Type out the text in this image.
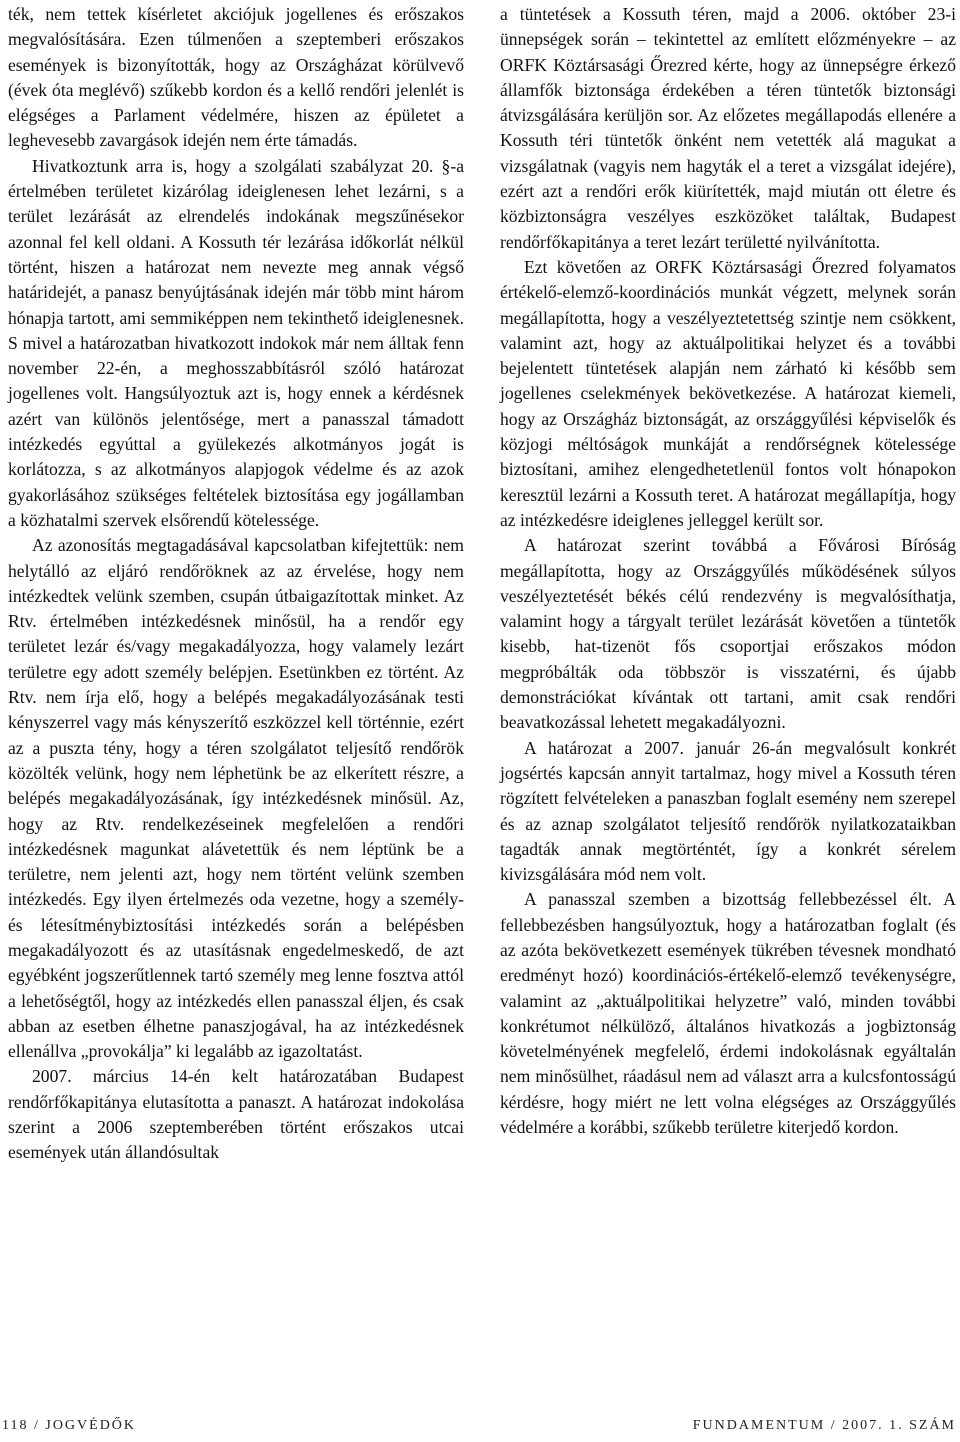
ték, nem tettek kísérletet akciójuk jogellenes és erőszakos megvalósítására. Ezen túlmenően a szeptemberi erőszakos események is bizonyították, hogy az Országházat körülvevő (évek óta meglévő) szűkebb kordon és a kellő rendőri jelenlét is elégséges a Parlament védelmére, hiszen az épületet a leghevesebb zavargások idején nem érte támadás.

Hivatkoztunk arra is, hogy a szolgálati szabályzat 20. §-a értelmében területet kizárólag ideiglenesen lehet lezárni, s a terület lezárását az elrendelés indokának megszűnésekor azonnal fel kell oldani. A Kossuth tér lezárása időkorlát nélkül történt, hiszen a határozat nem nevezte meg annak végső határidejét, a panasz benyújtásának idején már több mint három hónapja tartott, ami semmiképpen nem tekinthető ideiglenesnek. S mivel a határozatban hivatkozott indokok már nem álltak fenn november 22-én, a meghosszabbításról szóló határozat jogellenes volt. Hangsúlyoztuk azt is, hogy ennek a kérdésnek azért van különös jelentősége, mert a panasszal támadott intézkedés egyúttal a gyülekezés alkotmányos jogát is korlátozza, s az alkotmányos alapjogok védelme és az azok gyakorlásához szükséges feltételek biztosítása egy jogállamban a közhatalmi szervek elsőrendű kötelessége.

Az azonosítás megtagadásával kapcsolatban kifejtettük: nem helytálló az eljáró rendőröknek az az érvelése, hogy nem intézkedtek velünk szemben, csupán útbaigazítottak minket. Az Rtv. értelmében intézkedésnek minősül, ha a rendőr egy területet lezár és/vagy megakadályozza, hogy valamely lezárt területre egy adott személy belépjen. Esetünkben ez történt. Az Rtv. nem írja elő, hogy a belépés megakadályozásának testi kényszerrel vagy más kényszerítő eszközzel kell történnie, ezért az a puszta tény, hogy a téren szolgálatot teljesítő rendőrök közölték velünk, hogy nem léphetünk be az elkerített részre, a belépés megakadályozásának, így intézkedésnek minősül. Az, hogy az Rtv. rendelkezéseinek megfelelően a rendőri intézkedésnek magunkat alávetettük és nem léptünk be a területre, nem jelenti azt, hogy nem történt velünk szemben intézkedés. Egy ilyen értelmezés oda vezetne, hogy a személy- és létesítménybiztosítási intézkedés során a belépésben megakadályozott és az utasításnak engedelmeskedő, de azt egyébként jogszerűtlennek tartó személy meg lenne fosztva attól a lehetőségtől, hogy az intézkedés ellen panasszal éljen, és csak abban az esetben élhetne panaszjogával, ha az intézkedésnek ellenállva „provokálja” ki legalább az igazoltatást.

2007. március 14-én kelt határozatában Budapest rendőrfőkapitánya elutasította a panaszt. A határozat indokolása szerint a 2006 szeptemberében történt erőszakos utcai események után állandósultak

a tüntetések a Kossuth téren, majd a 2006. október 23-i ünnepségek során – tekintettel az említett előzményekre – az ORFK Köztársasági Őrezred kérte, hogy az ünnepségre érkező államfők biztonsága érdekében a téren tüntetők biztonsági átvizsgálására kerüljön sor. Az előzetes megállapodás ellenére a Kossuth téri tüntetők önként nem vetették alá magukat a vizsgálatnak (vagyis nem hagyták el a teret a vizsgálat idejére), ezért azt a rendőri erők kiürítették, majd miután ott életre és közbiztonságra veszélyes eszközöket találtak, Budapest rendőrfőkapitánya a teret lezárt területté nyilvánította.

Ezt követően az ORFK Köztársasági Őrezred folyamatos értékelő-elemző-koordinációs munkát végzett, melynek során megállapította, hogy a veszélyeztetettség szintje nem csökkent, valamint azt, hogy az aktuálpolitikai helyzet és a további bejelentett tüntetések alapján nem zárható ki később sem jogellenes cselekmények bekövetkezése. A határozat kiemeli, hogy az Országház biztonságát, az országgyűlési képviselők és közjogi méltóságok munkáját a rendőrségnek kötelessége biztosítani, amihez elengedhetetlenül fontos volt hónapokon keresztül lezárni a Kossuth teret. A határozat megállapítja, hogy az intézkedésre ideiglenes jelleggel került sor.

A határozat szerint továbbá a Fővárosi Bíróság megállapította, hogy az Országgyűlés működésének súlyos veszélyeztetését békés célú rendezvény is megvalósíthatja, valamint hogy a tárgyalt terület lezárását követően a tüntetők kisebb, hat-tizenöt fős csoportjai erőszakos módon megpróbálták oda többször is visszatérni, és újabb demonstrációkat kívántak ott tartani, amit csak rendőri beavatkozással lehetett megakadályozni.

A határozat a 2007. január 26-án megvalósult konkrét jogsértés kapcsán annyit tartalmaz, hogy mivel a Kossuth téren rögzített felvételeken a panaszban foglalt esemény nem szerepel és az aznap szolgálatot teljesítő rendőrök nyilatkozataikban tagadták annak megtörténtét, így a konkrét sérelem kivizsgálására mód nem volt.

A panasszal szemben a bizottság fellebbezéssel élt. A fellebbezésben hangsúlyoztuk, hogy a határozatban foglalt (és az azóta bekövetkezett események tükrében tévesnek mondható eredményt hozó) koordinációs-értékelő-elemző tevékenységre, valamint az „aktuálpolitikai helyzetre” való, minden további konkrétumot nélkülöző, általános hivatkozás a jogbiztonság követelményének megfelelő, érdemi indokolásnak egyáltalán nem minősülhet, ráadásul nem ad választ arra a kulcsfontosságú kérdésre, hogy miért ne lett volna elégséges az Országgyűlés védelmére a korábbi, szűkebb területre kiterjedő kordon.

118 / JOGVÉDŐK	FUNDAMENTUM / 2007. 1. SZÁM
